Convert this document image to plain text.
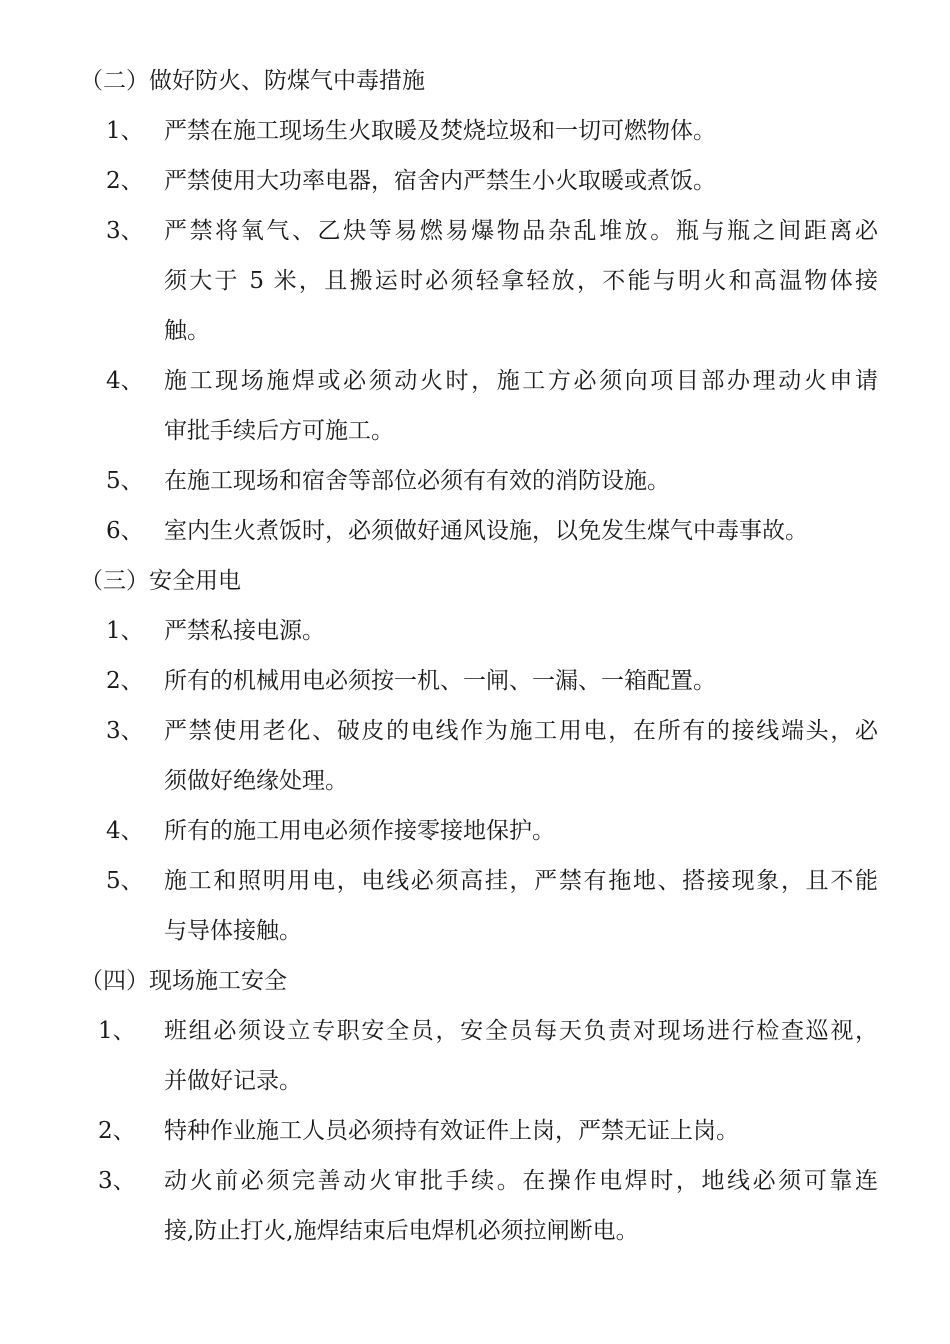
（二）做好防火、防煤气中毒措施
1、 严禁在施工现场生火取暖及焚烧垃圾和一切可燃物体。
2、 严禁使用大功率电器，宿舍内严禁生小火取暖或煮饭。
3、 严禁将氧气、乙炔等易燃易爆物品杂乱堆放。瓶与瓶之间距离必
须大于 5 米，且搬运时必须轻拿轻放，不能与明火和高温物体接
触。
4、 施工现场施焊或必须动火时，施工方必须向项目部办理动火申请
审批手续后方可施工。
5、 在施工现场和宿舍等部位必须有有效的消防设施。
6、 室内生火煮饭时，必须做好通风设施，以免发生煤气中毒事故。
（三）安全用电
1、 严禁私接电源。
2、 所有的机械用电必须按一机、一闸、一漏、一箱配置。
3、 严禁使用老化、破皮的电线作为施工用电，在所有的接线端头，必
须做好绝缘处理。
4、 所有的施工用电必须作接零接地保护。
5、 施工和照明用电，电线必须高挂，严禁有拖地、搭接现象，且不能
与导体接触。
（四）现场施工安全
1、 班组必须设立专职安全员，安全员每天负责对现场进行检查巡视，
并做好记录。
2、 特种作业施工人员必须持有效证件上岗，严禁无证上岗。
3、 动火前必须完善动火审批手续。在操作电焊时，地线必须可靠连
接,防止打火,施焊结束后电焊机必须拉闸断电。
